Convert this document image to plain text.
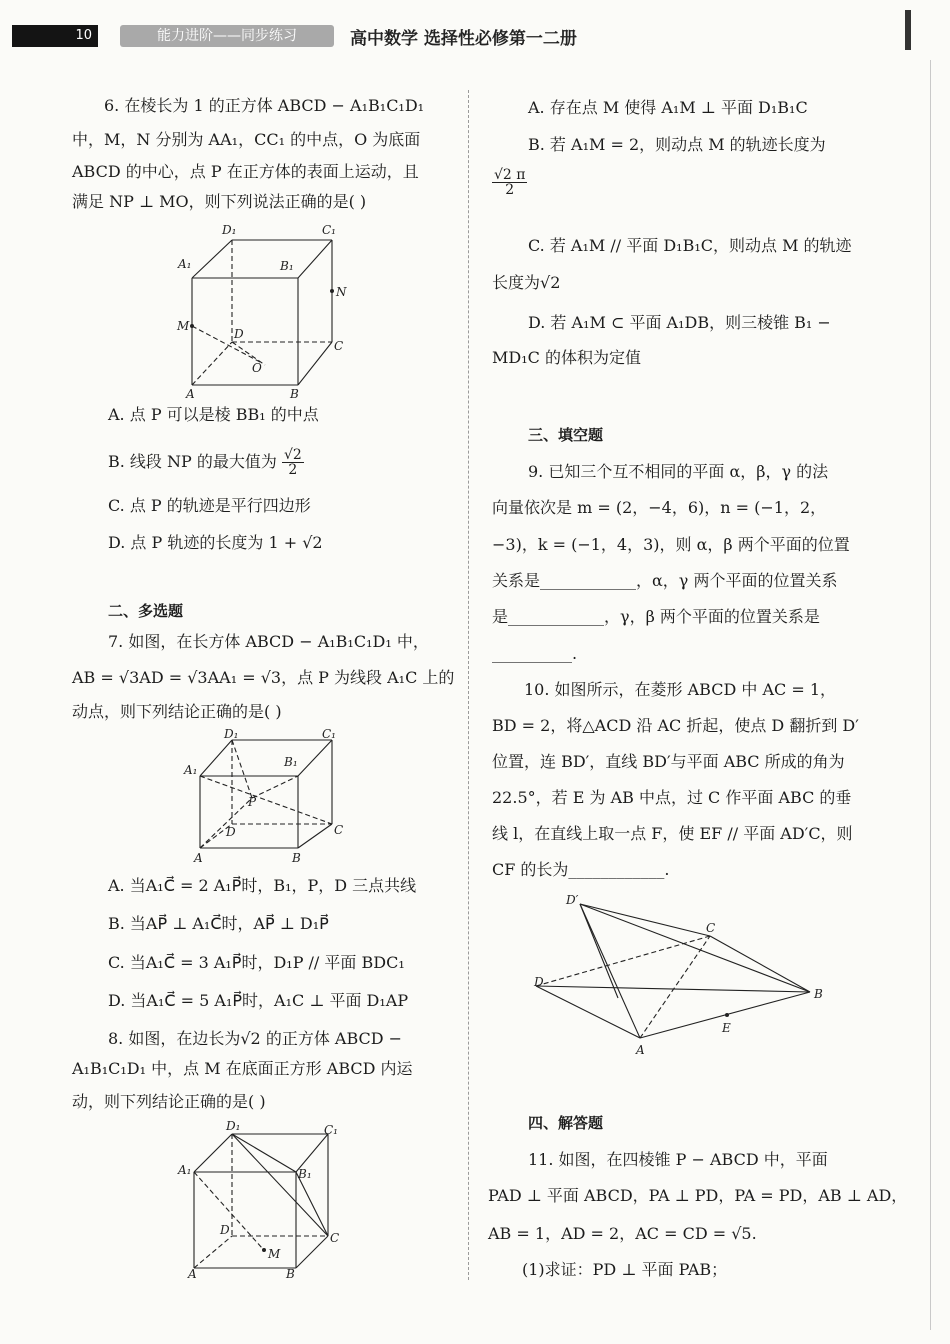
10	能力进阶——同步练习	高中数学 选择性必修第一二册
6. 在棱长为 1 的正方体 ABCD − A₁B₁C₁D₁
中，M，N 分别为 AA₁，CC₁ 的中点，O 为底面
ABCD 的中心，点 P 在正方体的表面上运动，且
满足 NP ⊥ MO，则下列说法正确的是( )
D₁	C₁
A₁	B₁
N
M
D
C
O
A	B
A. 点 P 可以是棱 BB₁ 的中点
B. 线段 NP 的最大值为 $\frac{√2}{2}$
C. 点 P 的轨迹是平行四边形
D. 点 P 轨迹的长度为 1 + √2
二、多选题
7. 如图，在长方体 ABCD − A₁B₁C₁D₁ 中，
AB = √3AD = √3AA₁ = √3，点 P 为线段 A₁C 上的
动点，则下列结论正确的是( )
D₁	C₁
A₁
B₁
P
D	C
A	B
A. 当A₁C⃗ = 2 A₁P⃗时，B₁，P，D 三点共线
B. 当AP⃗ ⊥ A₁C⃗时，AP⃗ ⊥ D₁P⃗
C. 当A₁C⃗ = 3 A₁P⃗时，D₁P // 平面 BDC₁
D. 当A₁C⃗ = 5 A₁P⃗时，A₁C ⊥ 平面 D₁AP
8. 如图，在边长为√2 的正方体 ABCD −
A₁B₁C₁D₁ 中，点 M 在底面正方形 ABCD 内运
动，则下列结论正确的是( )
D₁	C₁
A₁	B₁
D
M
C
A	B
A. 存在点 M 使得 A₁M ⊥ 平面 D₁B₁C
B. 若 A₁M = 2，则动点 M 的轨迹长度为
$\frac{√2 \pi}{2}$
C. 若 A₁M // 平面 D₁B₁C，则动点 M 的轨迹
长度为√2
D. 若 A₁M ⊂ 平面 A₁DB，则三棱锥 B₁ −
MD₁C 的体积为定值
三、填空题
9. 已知三个互不相同的平面 α，β，γ 的法
向量依次是 m = (2，−4，6)，n = (−1，2，
−3)，k = (−1，4，3)，则 α，β 两个平面的位置
关系是____________，α，γ 两个平面的位置关系
是____________，γ，β 两个平面的位置关系是
__________.
10. 如图所示，在菱形 ABCD 中 AC = 1，
BD = 2，将△ACD 沿 AC 折起，使点 D 翻折到 D′
位置，连 BD′，直线 BD′与平面 ABC 所成的角为
22.5°，若 E 为 AB 中点，过 C 作平面 ABC 的垂
线 l，在直线上取一点 F，使 EF // 平面 AD′C，则
CF 的长为____________.
D′
C
D
B
E
A
四、解答题
11. 如图，在四棱锥 P − ABCD 中，平面
PAD ⊥ 平面 ABCD，PA ⊥ PD，PA = PD，AB ⊥ AD，
AB = 1，AD = 2，AC = CD = √5.
(1)求证：PD ⊥ 平面 PAB；
